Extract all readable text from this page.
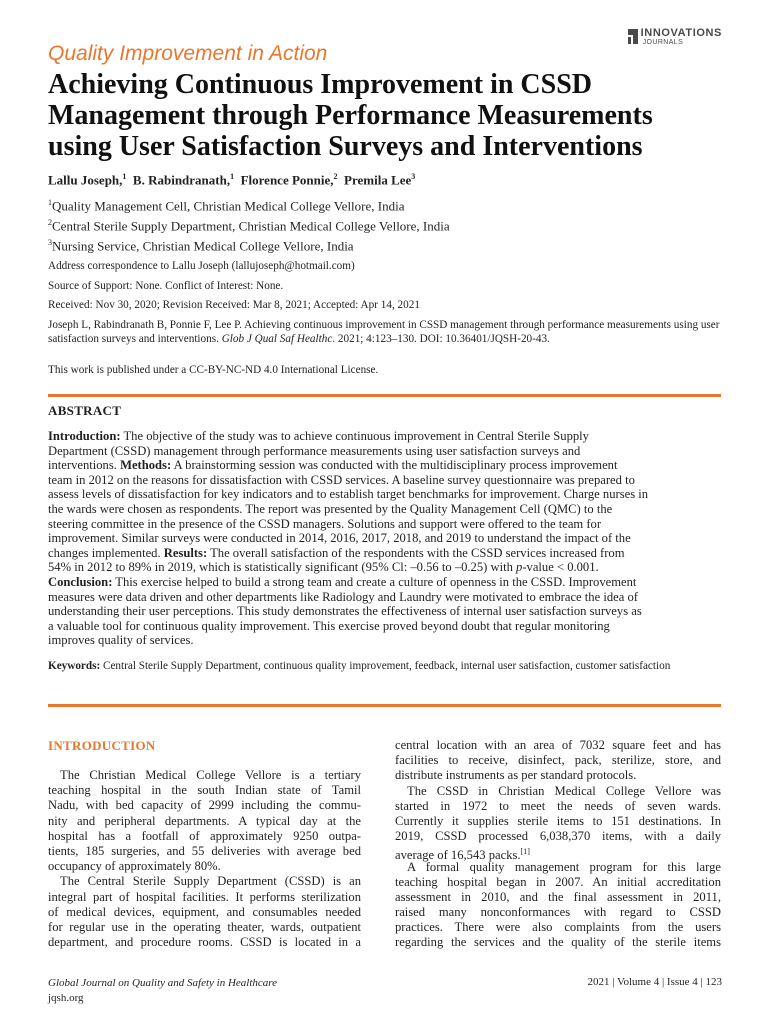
Quality Improvement in Action
INNOVATIONS
JOURNALS
Achieving Continuous Improvement in CSSD
Management through Performance Measurements
using User Satisfaction Surveys and Interventions
Lallu Joseph,$^1$ B. Rabindranath,$^1$ Florence Ponnie,$^2$ Premila Lee$^3$
$^1$Quality Management Cell, Christian Medical College Vellore, India
$^2$Central Sterile Supply Department, Christian Medical College Vellore, India
$^3$Nursing Service, Christian Medical College Vellore, India
Address correspondence to Lallu Joseph (lallujoseph@hotmail.com)
Source of Support: None. Conflict of Interest: None.
Received: Nov 30, 2020; Revision Received: Mar 8, 2021; Accepted: Apr 14, 2021
Joseph L, Rabindranath B, Ponnie F, Lee P. Achieving continuous improvement in CSSD management through performance measurements using user satisfaction surveys and interventions. Glob J Qual Saf Healthc. 2021; 4:123–130. DOI: 10.36401/JQSH-20-43.
This work is published under a CC-BY-NC-ND 4.0 International License.
ABSTRACT
Introduction: The objective of the study was to achieve continuous improvement in Central Sterile Supply
Department (CSSD) management through performance measurements using user satisfaction surveys and
interventions. Methods: A brainstorming session was conducted with the multidisciplinary process improvement
team in 2012 on the reasons for dissatisfaction with CSSD services. A baseline survey questionnaire was prepared to
assess levels of dissatisfaction for key indicators and to establish target benchmarks for improvement. Charge nurses in
the wards were chosen as respondents. The report was presented by the Quality Management Cell (QMC) to the
steering committee in the presence of the CSSD managers. Solutions and support were offered to the team for
improvement. Similar surveys were conducted in 2014, 2016, 2017, 2018, and 2019 to understand the impact of the
changes implemented. Results: The overall satisfaction of the respondents with the CSSD services increased from
54% in 2012 to 89% in 2019, which is statistically significant (95% Cl: –0.56 to –0.25) with p-value < 0.001.
Conclusion: This exercise helped to build a strong team and create a culture of openness in the CSSD. Improvement
measures were data driven and other departments like Radiology and Laundry were motivated to embrace the idea of
understanding their user perceptions. This study demonstrates the effectiveness of internal user satisfaction surveys as
a valuable tool for continuous quality improvement. This exercise proved beyond doubt that regular monitoring
improves quality of services.
Keywords: Central Sterile Supply Department, continuous quality improvement, feedback, internal user satisfaction, customer satisfaction
INTRODUCTION
The Christian Medical College Vellore is a tertiary
teaching hospital in the south Indian state of Tamil
Nadu, with bed capacity of 2999 including the commu-
nity and peripheral departments. A typical day at the
hospital has a footfall of approximately 9250 outpa-
tients, 185 surgeries, and 55 deliveries with average bed
occupancy of approximately 80%.
The Central Sterile Supply Department (CSSD) is an
integral part of hospital facilities. It performs sterilization
of medical devices, equipment, and consumables needed
for regular use in the operating theater, wards, outpatient
department, and procedure rooms. CSSD is located in a
central location with an area of 7032 square feet and has
facilities to receive, disinfect, pack, sterilize, store, and
distribute instruments as per standard protocols.
The CSSD in Christian Medical College Vellore was
started in 1972 to meet the needs of seven wards.
Currently it supplies sterile items to 151 destinations. In
2019, CSSD processed 6,038,370 items, with a daily
average of 16,543 packs.[1]
A formal quality management program for this large
teaching hospital began in 2007. An initial accreditation
assessment in 2010, and the final assessment in 2011,
raised many nonconformances with regard to CSSD
practices. There were also complaints from the users
regarding the services and the quality of the sterile items
Global Journal on Quality and Safety in Healthcare
jqsh.org
2021 | Volume 4 | Issue 4 | 123
